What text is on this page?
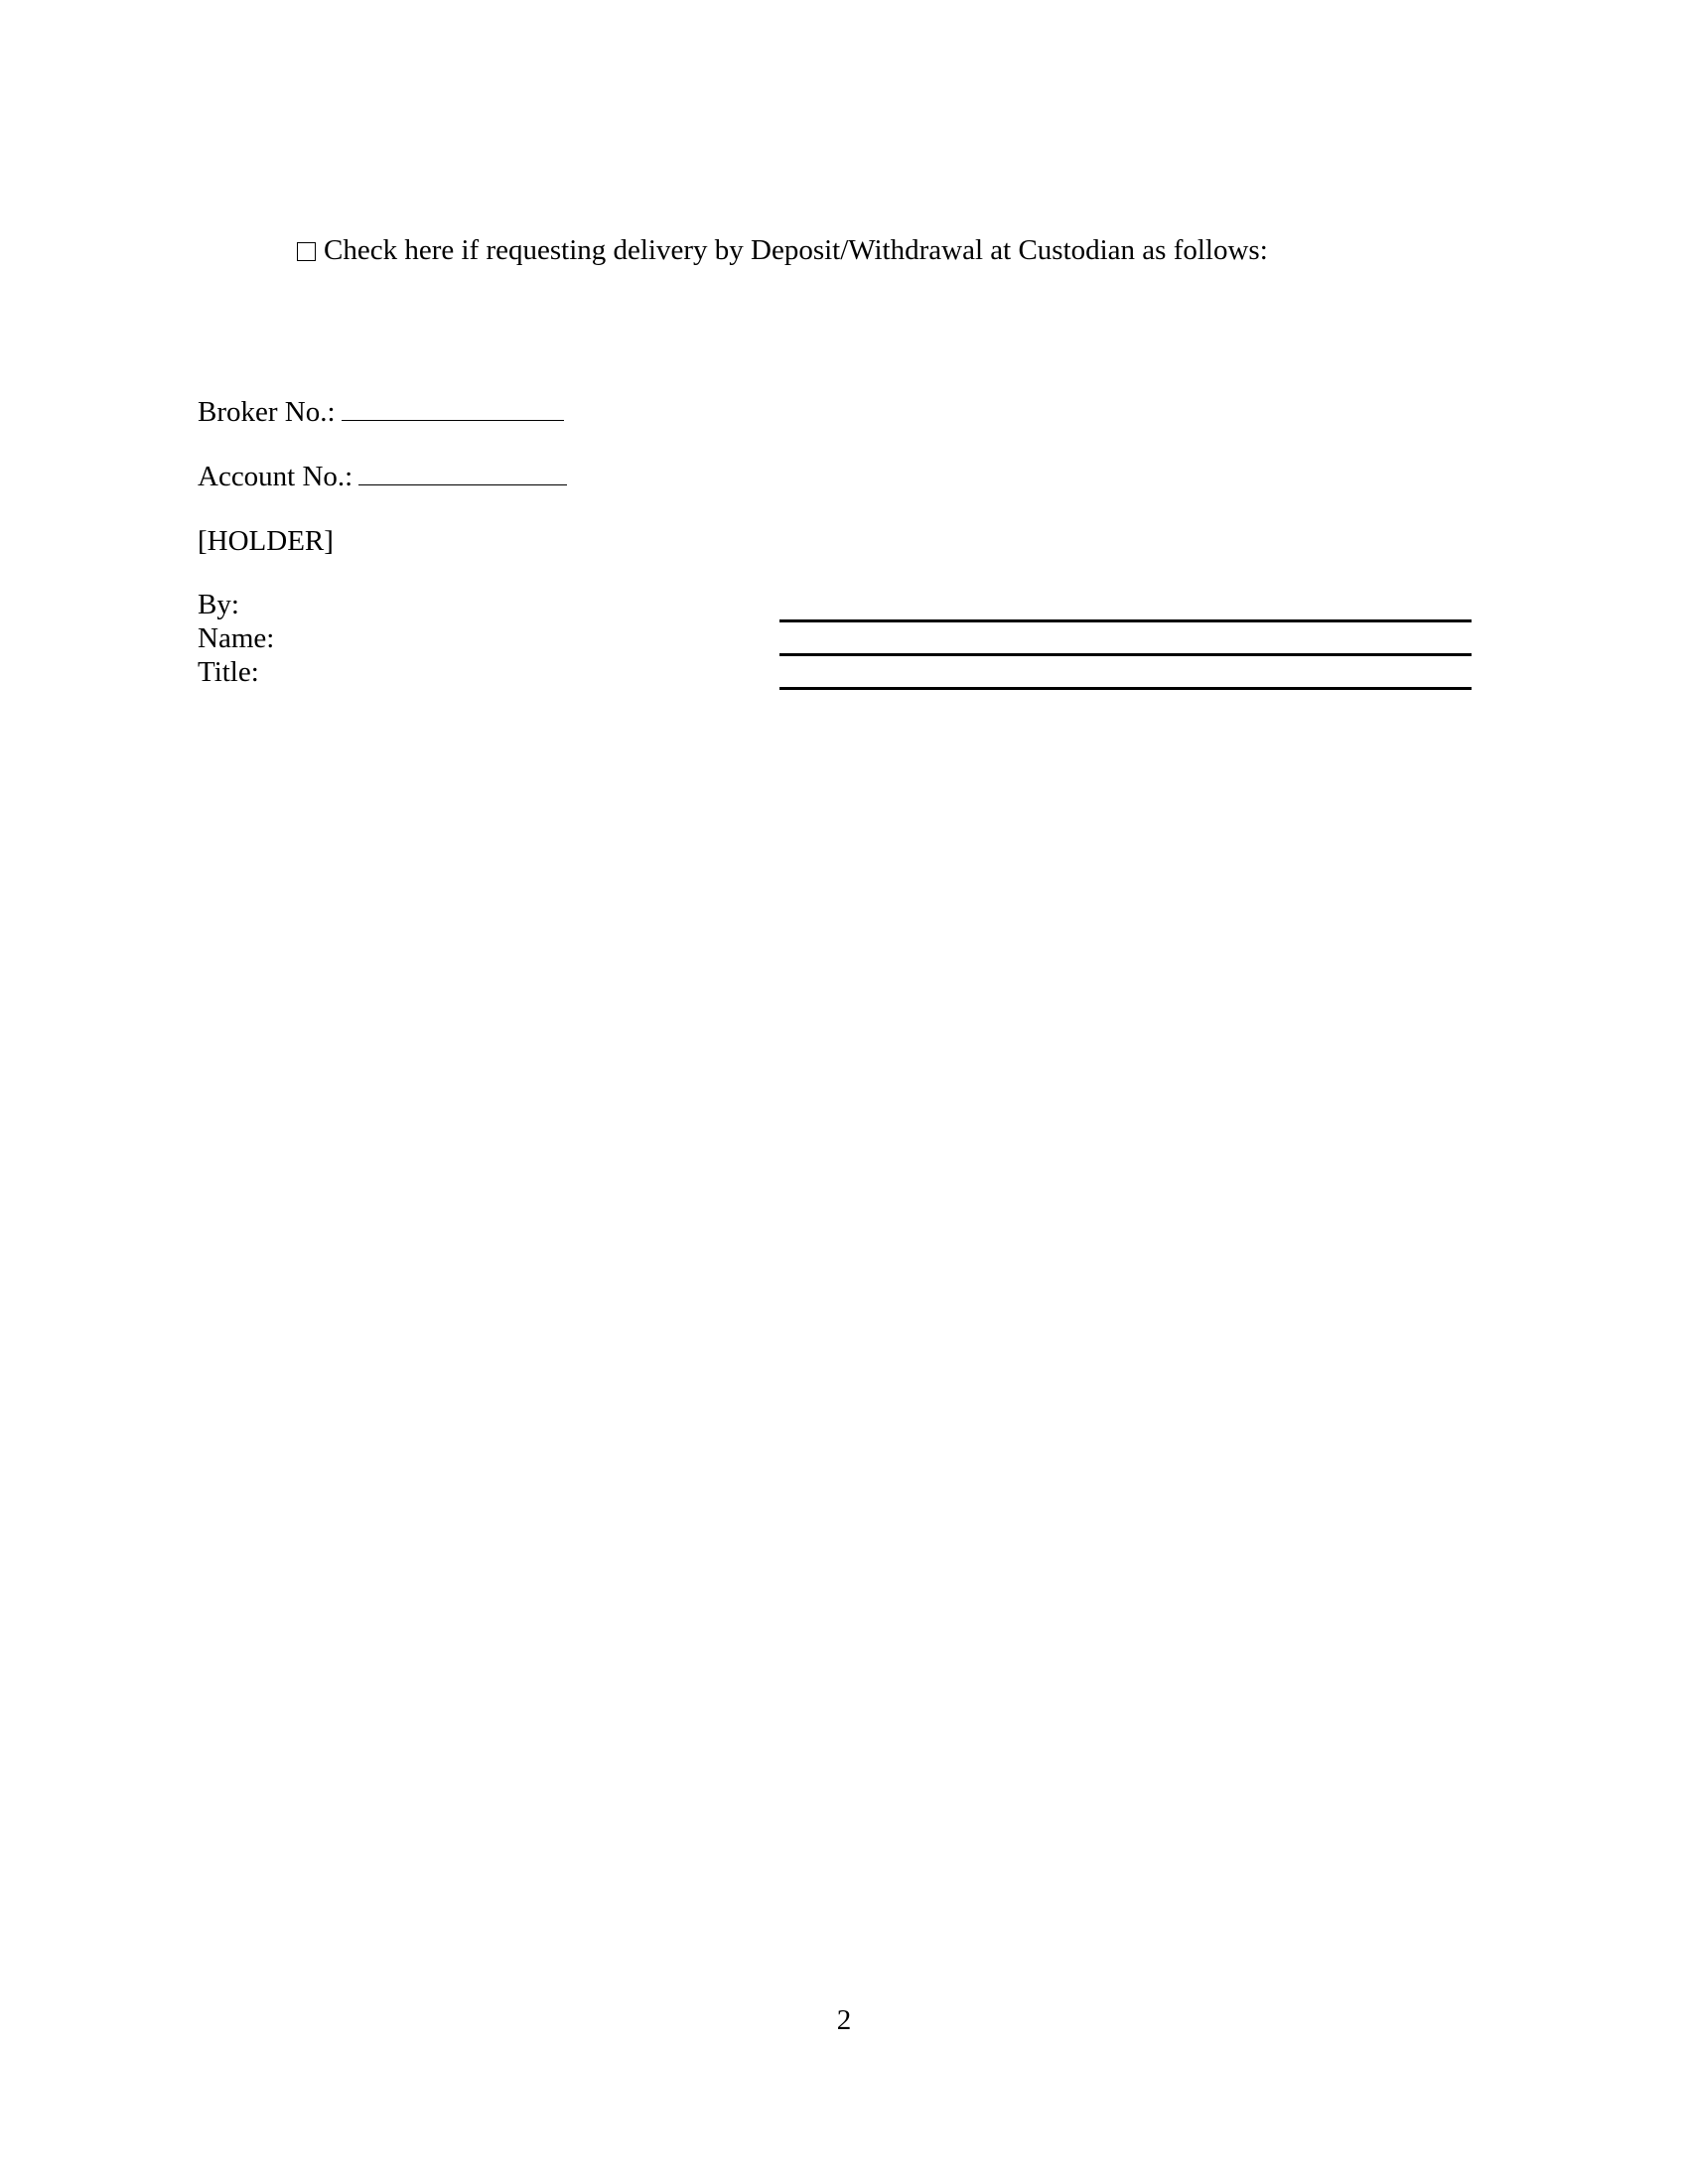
Check here if requesting delivery by Deposit/Withdrawal at Custodian as follows:
Broker No.:
Account No.:
[HOLDER]
By:
Name:
Title:
2
